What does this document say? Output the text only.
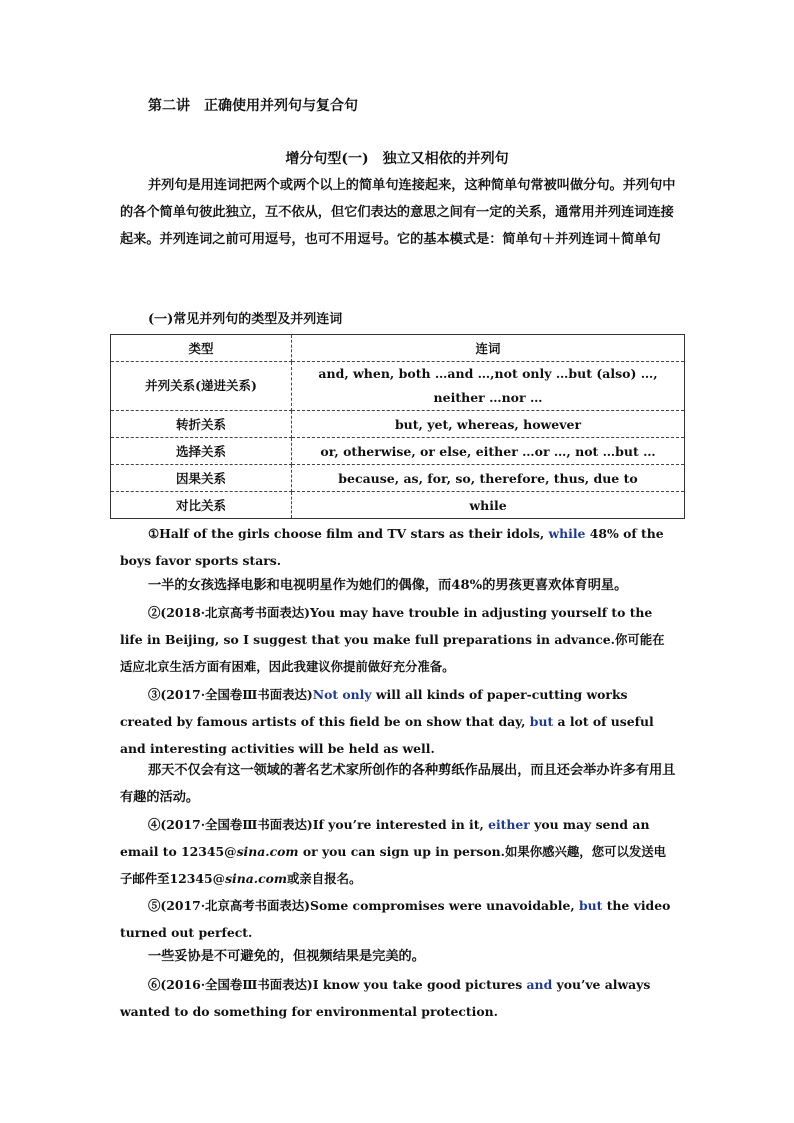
第二讲　正确使用并列句与复合句
增分句型(一)　独立又相依的并列句
并列句是用连词把两个或两个以上的简单句连接起来，这种简单句常被叫做分句。并列句中的各个简单句彼此独立，互不依从，但它们表达的意思之间有一定的关系，通常用并列连词连接起来。并列连词之前可用逗号，也可不用逗号。它的基本模式是：简单句＋并列连词＋简单句
(一)常见并列句的类型及并列连词
类型	连词
并列关系(递进关系)	and, when, both …and …,not only …but (also) …,
neither …nor …

转折关系	but, yet, whereas, however
选择关系	or, otherwise, or else, either …or …, not …but …
因果关系	because, as, for, so, therefore, thus, due to
对比关系	while
①Half of the girls choose film and TV stars as their idols, while 48% of the boys favor sports stars.
一半的女孩选择电影和电视明星作为她们的偶像，而48%的男孩更喜欢体育明星。
②(2018·北京高考书面表达)You may have trouble in adjusting yourself to the life in Beijing, so I suggest that you make full preparations in advance.你可能在适应北京生活方面有困难，因此我建议你提前做好充分准备。
③(2017·全国卷Ⅲ书面表达)Not only will all kinds of paper-cutting works created by famous artists of this field be on show that day, but a lot of useful and interesting activities will be held as well.
那天不仅会有这一领域的著名艺术家所创作的各种剪纸作品展出，而且还会举办许多有用且有趣的活动。
④(2017·全国卷Ⅲ书面表达)If you’re interested in it, either you may send an email to 12345@sina.com or you can sign up in person.如果你感兴趣，您可以发送电子邮件至12345@sina.com或亲自报名。
⑤(2017·北京高考书面表达)Some compromises were unavoidable, but the video turned out perfect.
一些妥协是不可避免的，但视频结果是完美的。
⑥(2016·全国卷Ⅲ书面表达)I know you take good pictures and you’ve always wanted to do something for environmental protection.
